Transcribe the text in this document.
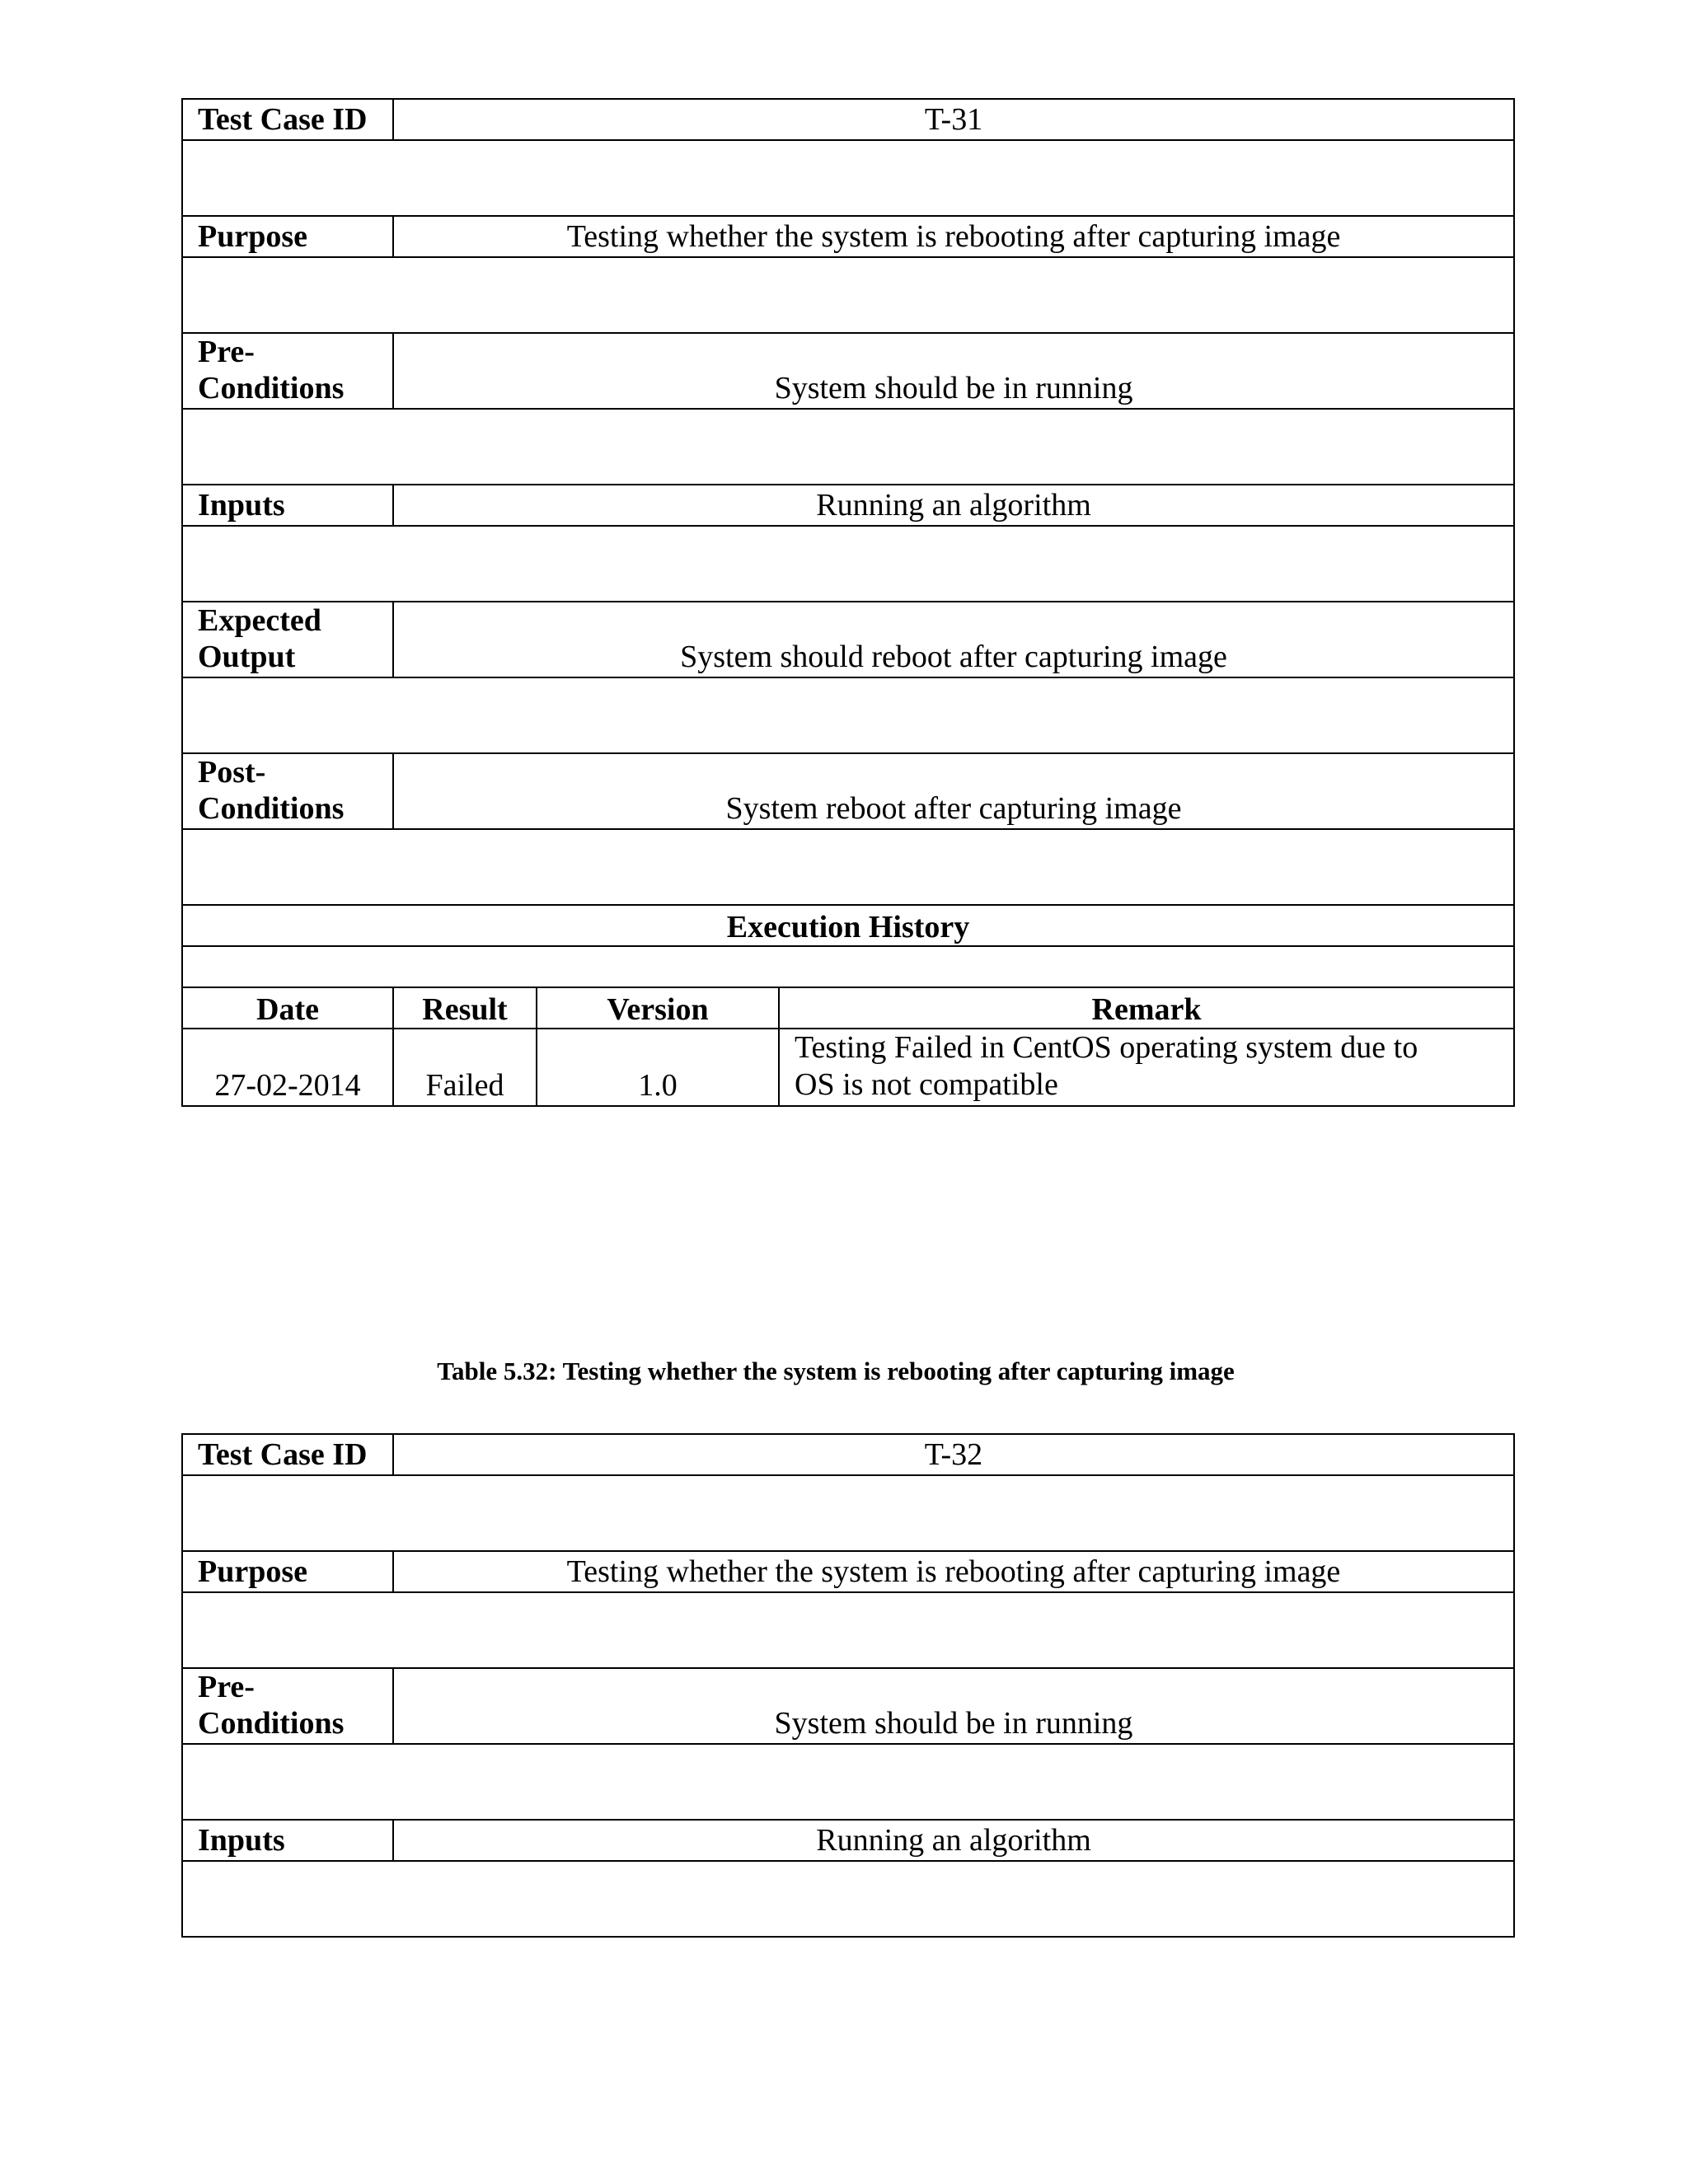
Test Case ID	T-31		

Purpose	Testing whether the system is rebooting after capturing image		

Pre-
Conditions	System should be in running		

Inputs	Running an algorithm		

Expected
Output	System should reboot after capturing image		

Post-
Conditions	System reboot after capturing image		

Execution History			

Date	Result	Version	Remark
27-02-2014	Failed	1.0	Testing Failed in CentOS operating system due to
OS is not compatible
Table 5.32: Testing whether the system is rebooting after capturing image
Test Case ID	T-32

Purpose	Testing whether the system is rebooting after capturing image

Pre-
Conditions	System should be in running

Inputs	Running an algorithm
